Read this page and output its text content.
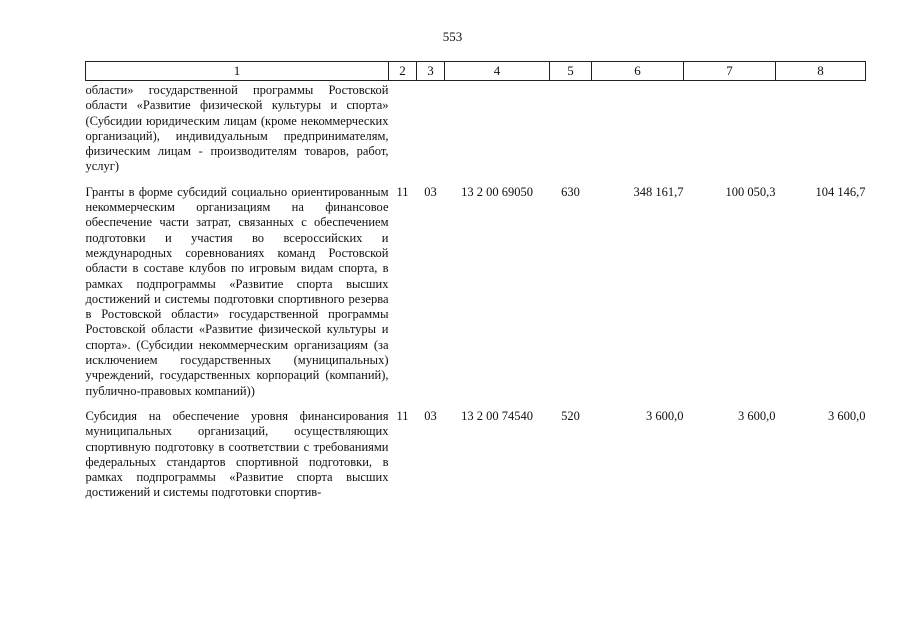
553
1	2	3	4	5	6	7	8
области» государственной программы Ростовской области «Развитие физической культуры и спорта» (Субсидии юридическим лицам (кроме некоммерческих организаций), индивидуальным предпринимателям, физическим лицам - производителям товаров, работ, услуг)							
Гранты в форме субсидий социально ориентированным некоммерческим организациям на финансовое обеспечение части затрат, связанных с обеспечением подготовки и участия во всероссийских и международных соревнованиях команд Ростовской области в составе клубов по игровым видам спорта, в рамках подпрограммы «Развитие спорта высших достижений и системы подготовки спортивного резерва в Ростовской области» государственной программы Ростовской области «Развитие физической культуры и спорта». (Субсидии некоммерческим организациям (за исключением государственных (муниципальных) учреждений, государственных корпораций (компаний), публично-правовых компаний))	11	03	13 2 00 69050	630	348 161,7	100 050,3	104 146,7
Субсидия на обеспечение уровня финансирования муниципальных организаций, осуществляющих спортивную подготовку в соответствии с требованиями федеральных стандартов спортивной подготовки, в рамках подпрограммы «Развитие спорта высших достижений и системы подготовки спортив-	11	03	13 2 00 74540	520	3 600,0	3 600,0	3 600,0
